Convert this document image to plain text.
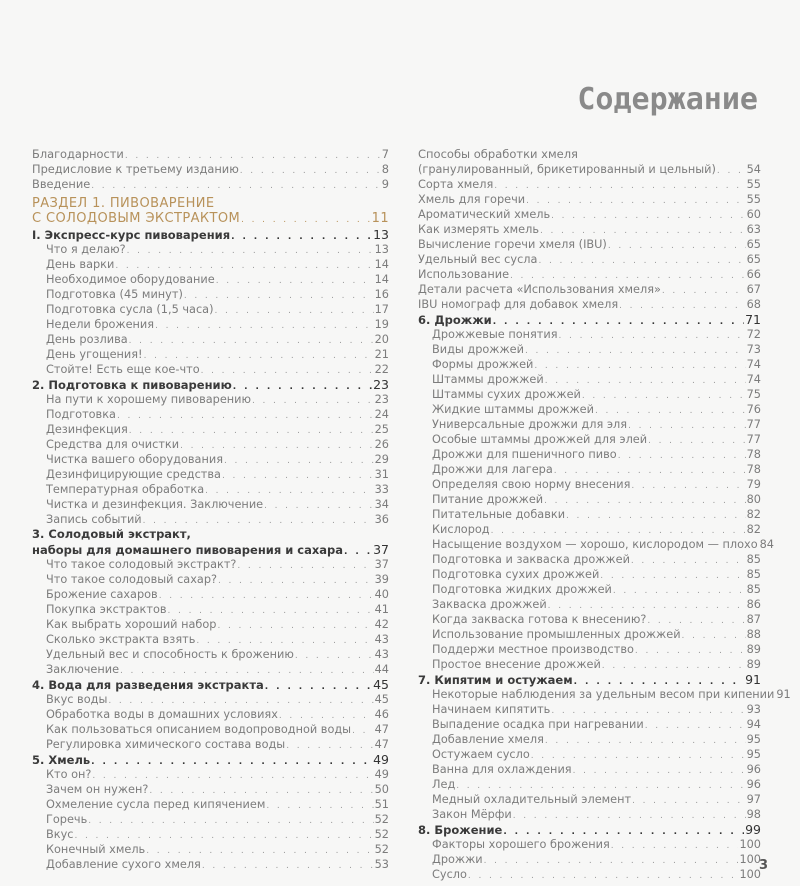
Содержание
Благодарности . . .	7
Предисловие к третьему изданию . . .	8
Введение . . .	9
РАЗДЕЛ 1. ПИВОВАРЕНИЕ
С СОЛОДОВЫМ ЭКСТРАКТОМ . . .	11
I. Экспресс-курс пивоварения . . .	13
Что я делаю? . . .	13
День варки . . .	14
Необходимое оборудование . . .	14
Подготовка (45 минут) . . .	16
Подготовка сусла (1,5 часа) . . .	17
Недели брожения . . .	19
День розлива . . .	20
День угощения! . . .	21
Стойте! Есть еще кое-что . . .	22
2. Подготовка к пивоварению . . .	23
На пути к хорошему пивоварению . . .	23
Подготовка . . .	24
Дезинфекция . . .	25
Средства для очистки . . .	26
Чистка вашего оборудования . . .	29
Дезинфицирующие средства . . .	31
Температурная обработка . . .	33
Чистка и дезинфекция. Заключение . . .	34
Запись событий . . .	36
3. Солодовый экстракт,
наборы для домашнего пивоварения и сахара . . . 37
Что такое солодовый экстракт? . . .	37
Что такое солодовый сахар? . . .	39
Брожение сахаров . . .	40
Покупка экстрактов . . .	41
Как выбрать хороший набор . . .	42
Сколько экстракта взять . . .	43
Удельный вес и способность к брожению . . .	43
Заключение . . .	44
4. Вода для разведения экстракта . . .	45
Вкус воды . . .	45
Обработка воды в домашних условиях . . .	46
Как пользоваться описанием водопроводной воды . . . 47
Регулировка химического состава воды . . .	47
5. Хмель . . .	49
Кто он? . . .	49
Зачем он нужен? . . .	50
Охмеление сусла перед кипячением . . .	51
Горечь . . .	52
Вкус . . .	52
Конечный хмель . . .	52
Добавление сухого хмеля . . .	53
Способы обработки хмеля
(гранулированный, брикетированный и цельный) . . .	54
Сорта хмеля . . .	55
Хмель для горечи . . .	55
Ароматический хмель . . .	60
Как измерять хмель . . .	63
Вычисление горечи хмеля (IBU) . . .	65
Удельный вес сусла . . .	65
Использование . . .	66
Детали расчета «Использования хмеля» . . .	67
IBU номограф для добавок хмеля . . .	68
6. Дрожжи . . .	71
Дрожжевые понятия . . .	72
Виды дрожжей . . .	73
Формы дрожжей . . .	74
Штаммы дрожжей . . .	74
Штаммы сухих дрожжей . . .	75
Жидкие штаммы дрожжей . . .	76
Универсальные дрожжи для эля . . .	77
Особые штаммы дрожжей для элей . . .	77
Дрожжи для пшеничного пиво . . .	78
Дрожжи для лагера . . .	78
Определяя свою норму внесения . . .	79
Питание дрожжей . . .	80
Питательные добавки . . .	82
Кислород . . .	82
Насыщение воздухом — хорошо, кислородом — плохо 84
Подготовка и закваска дрожжей . . .	85
Подготовка сухих дрожжей . . .	85
Подготовка жидких дрожжей . . .	85
Закваска дрожжей . . .	86
Когда закваска готова к внесению? . . .	87
Использование промышленных дрожжей . . .	88
Поддержи местное производство . . .	89
Простое внесение дрожжей . . .	89
7. Кипятим и остужаем . . .	91
Некоторые наблюдения за удельным весом при кипении 91
Начинаем кипятить . . .	93
Выпадение осадка при нагревании . . .	94
Добавление хмеля . . .	95
Остужаем сусло . . .	95
Ванна для охлаждения . . .	96
Лед . . .	96
Медный охладительный элемент . . .	97
Закон Мёрфи . . .	98
8. Брожение . . .	99
Факторы хорошего брожения . . .	100
Дрожжи . . .	100
Сусло . . .	100
3
